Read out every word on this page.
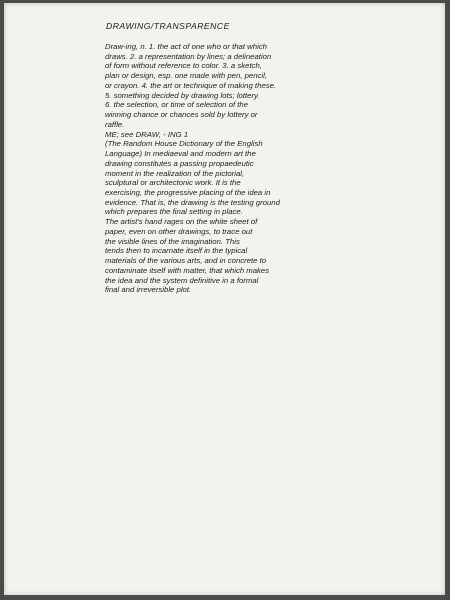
DRAWING/TRANSPARENCE
Draw-ing, n. 1. the act of one who or that which
draws. 2. a representation by lines; a delineation
of form without reference to color. 3. a sketch,
plan or design, esp. one made with pen, pencil,
or crayon. 4. the art or technique of making these.
5. something decided by drawing lots; lottery.
6. the selection, or time of selection of the
winning chance or chances sold by lottery or
raffle.
ME; see DRAW, - ING 1
(The Random House Dictionary of the English
Language) In mediaeval and modern art the
drawing constitutes a passing propaedeutic
moment in the realization of the pictorial,
sculptural or architectonic work. It is the
exercising, the progressive placing of the idea in
evidence. That is, the drawing is the testing ground
which prepares the final setting in place.
The artist's hand rages on the white sheet of
paper, even on other drawings, to trace out
the visible lines of the imagination. This
tends then to incarnate itself in the typical
materials of the various arts, and in concrete to
contaminate itself with matter, that which makes
the idea and the system definitive in a formal
final and irreversible plot.
